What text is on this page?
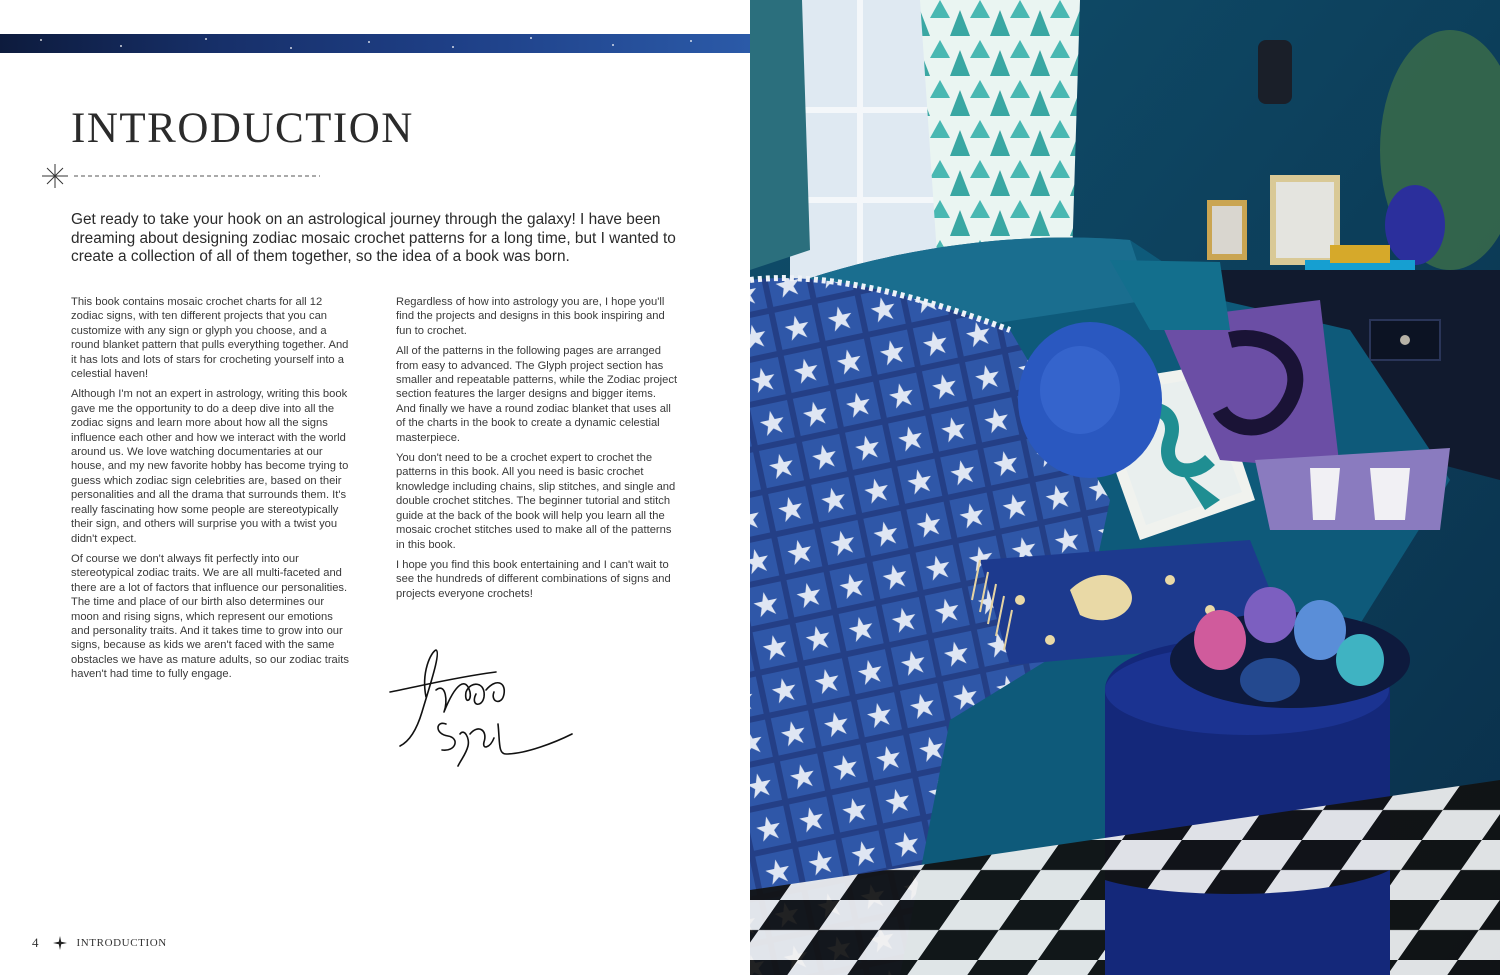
INTRODUCTION

Get ready to take your hook on an astrological journey through the galaxy! I have been dreaming about designing zodiac mosaic crochet patterns for a long time, but I wanted to create a collection of all of them together, so the idea of a book was born.

This book contains mosaic crochet charts for all 12 zodiac signs, with ten different projects that you can customize with any sign or glyph you choose, and a round blanket pattern that pulls everything together. And it has lots and lots of stars for crocheting yourself into a celestial haven!

Although I'm not an expert in astrology, writing this book gave me the opportunity to do a deep dive into all the zodiac signs and learn more about how all the signs influence each other and how we interact with the world around us. We love watching documentaries at our house, and my new favorite hobby has become trying to guess which zodiac sign celebrities are, based on their personalities and all the drama that surrounds them. It's really fascinating how some people are stereotypically their sign, and others will surprise you with a twist you didn't expect.

Of course we don't always fit perfectly into our stereotypical zodiac traits. We are all multi-faceted and there are a lot of factors that influence our personalities. The time and place of our birth also determines our moon and rising signs, which represent our emotions and personality traits. And it takes time to grow into our signs, because as kids we aren't faced with the same obstacles we have as mature adults, so our zodiac traits haven't had time to fully engage.

Regardless of how into astrology you are, I hope you'll find the projects and designs in this book inspiring and fun to crochet.

All of the patterns in the following pages are arranged from easy to advanced. The Glyph project section has smaller and repeatable patterns, while the Zodiac project section features the larger designs and bigger items. And finally we have a round zodiac blanket that uses all of the charts in the book to create a dynamic celestial masterpiece.

You don't need to be a crochet expert to crochet the patterns in this book. All you need is basic crochet knowledge including chains, slip stitches, and single and double crochet stitches. The beginner tutorial and stitch guide at the back of the book will help you learn all the mosaic crochet stitches used to make all of the patterns in this book.

I hope you find this book entertaining and I can't wait to see the hundreds of different combinations of signs and projects everyone crochets!

4	INTRODUCTION
